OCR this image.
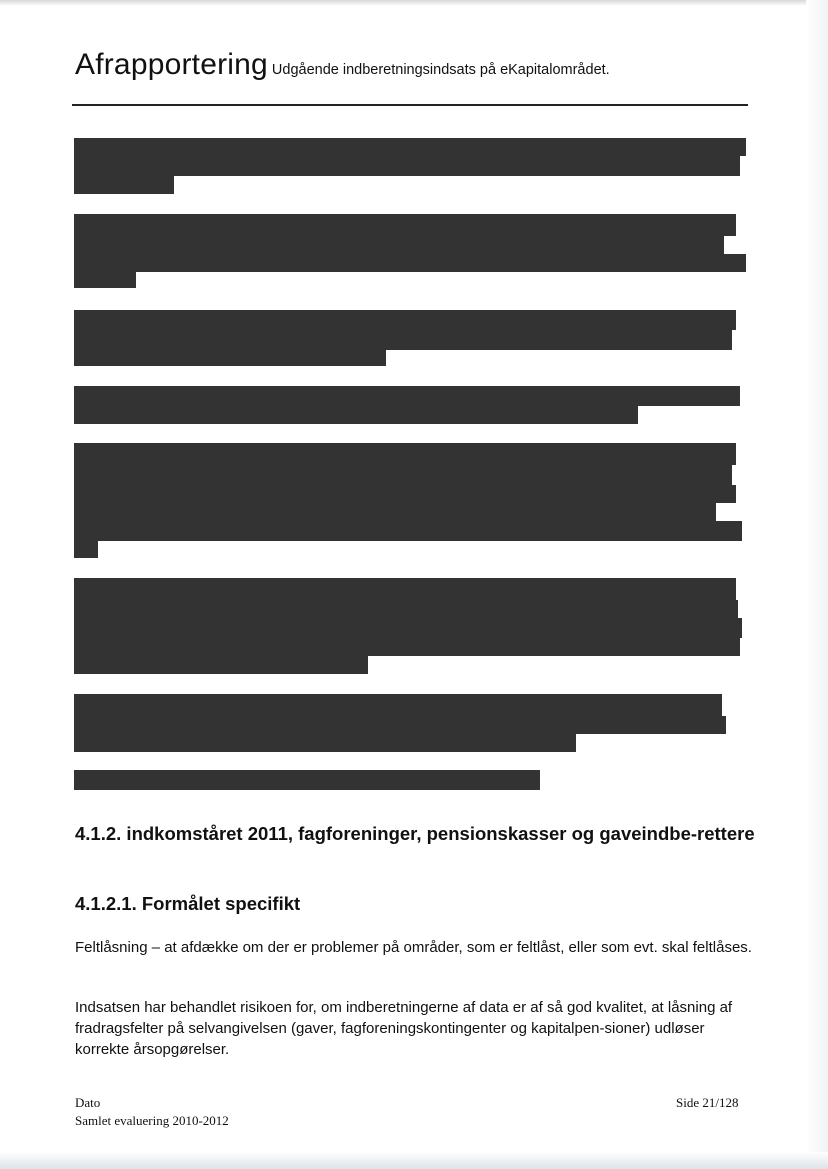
Afrapportering Udgående indberetningsindsats på eKapitalområdet.
4.1.2. indkomståret 2011, fagforeninger, pensionskasser og gaveindbe-rettere
4.1.2.1. Formålet specifikt

Feltlåsning – at afdække om der er problemer på områder, som er feltlåst, eller som evt. skal feltlåses.

Indsatsen har behandlet risikoen for, om indberetningerne af data er af så god kvalitet, at låsning af fradragsfelter på selvangivelsen (gaver, fagforeningskontingenter og kapitalpen-sioner) udløser korrekte årsopgørelser.

Dato
Samlet evaluering 2010-2012
Side 21/128
